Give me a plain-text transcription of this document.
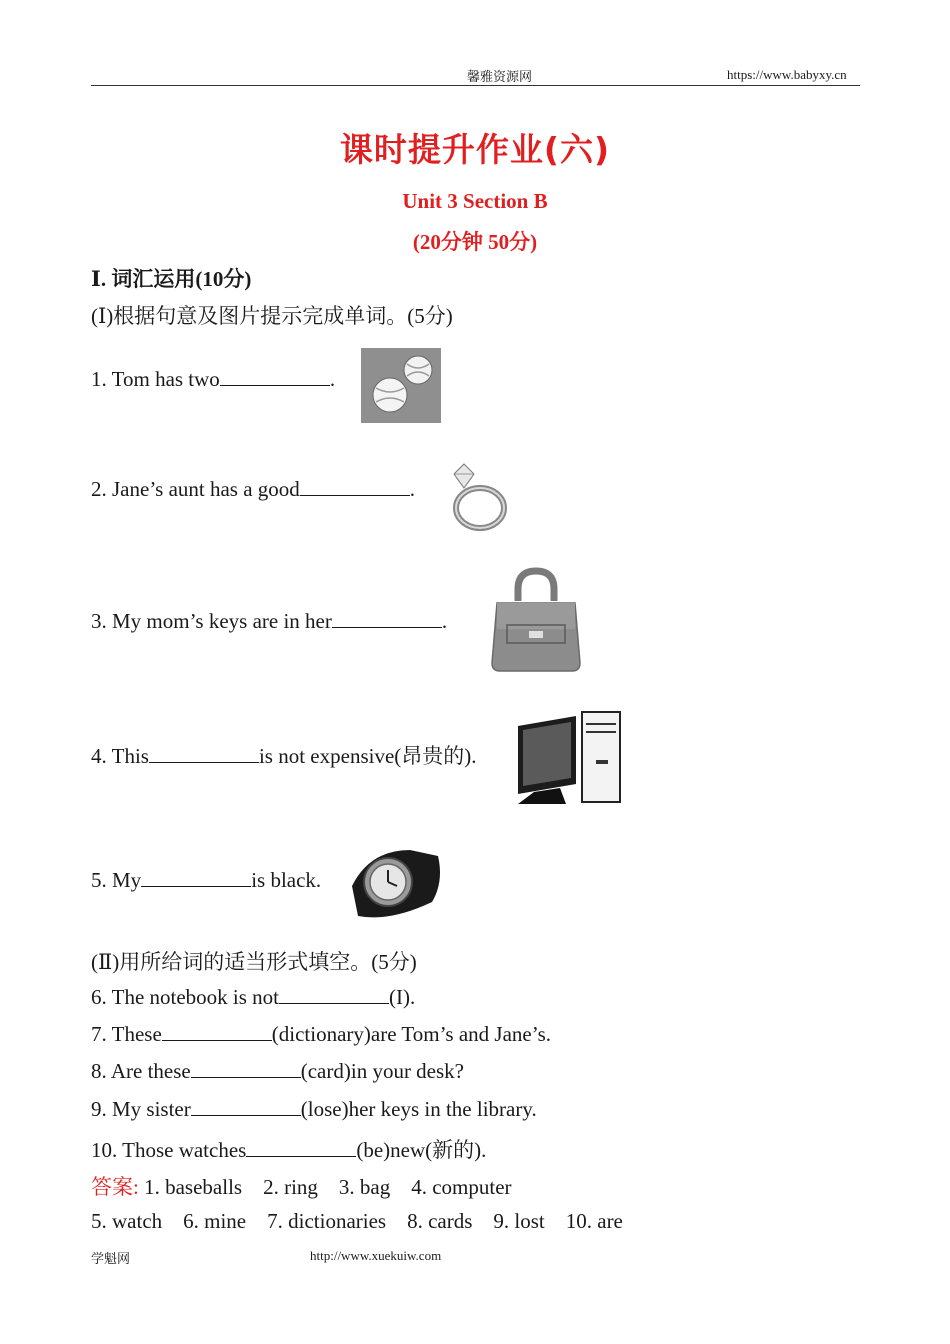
馨雅资源网	https://www.babyxy.cn
课时提升作业(六)
Unit 3 Section B
(20分钟 50分)
Ⅰ. 词汇运用(10分)
(Ⅰ)根据句意及图片提示完成单词。(5分)
1. Tom has two	.
2. Jane’s aunt has a good	.
3. My mom’s keys are in her	.
4. This	is not expensive(昂贵的).
5. My	is black.
(Ⅱ)用所给词的适当形式填空。(5分)
6. The notebook is not	(I).
7. These	(dictionary)are Tom’s and Jane’s.
8. Are these	(card)in your desk?
9. My sister	(lose)her keys in the library.
10. Those watches	(be)new(新的).
答案: 1. baseballs    2. ring    3. bag    4. computer
5. watch    6. mine    7. dictionaries    8. cards    9. lost    10. are
学魁网	http://www.xuekuiw.com
